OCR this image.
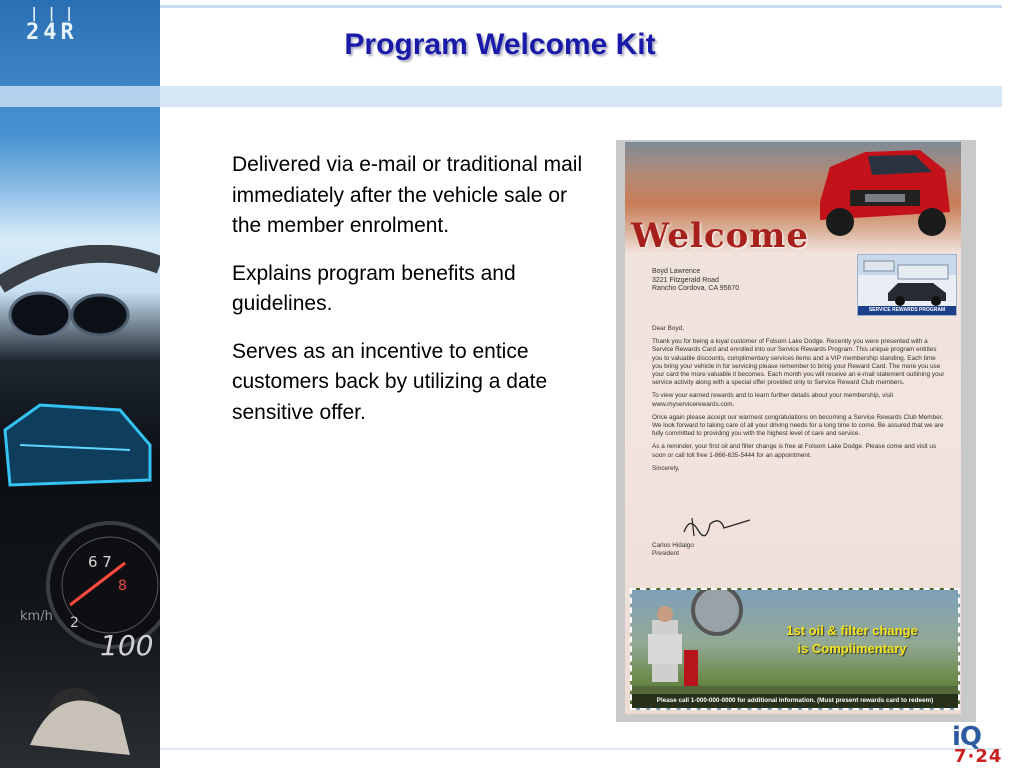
|||
24R
6 7
8
2
100
km/h
Program Welcome Kit

Delivered via e-mail or traditional mail immediately after the vehicle sale or the member enrolment.

Explains program benefits and guidelines.

Serves as an incentive to entice customers back by utilizing a date sensitive offer.

Welcome
Boyd Lawrence
3221 Fitzgerald Road
Rancho Cordova, CA 95670
SERVICE REWARDS PROGRAM

Dear Boyd,

Thank you for being a loyal customer of Folsom Lake Dodge. Recently you were presented with a Service Rewards Card and enrolled into our Service Rewards Program. This unique program entitles you to valuable discounts, complimentary services items and a VIP membership standing. Each time you bring your vehicle in for servicing please remember to bring your Reward Card. The more you use your card the more valuable it becomes. Each month you will receive an e-mail statement outlining your service activity along with a special offer provided only to Service Reward Club members.

To view your earned rewards and to learn further details about your membership, visit www.myservicerewards.com.

Once again please accept our warmest congratulations on becoming a Service Rewards Club Member. We look forward to taking care of all your driving needs for a long time to come. Be assured that we are fully committed to providing you with the highest level of care and service.

As a reminder, your first oil and filter change is free at Folsom Lake Dodge. Please come and visit us soon or call toll free 1-866-635-5444 for an appointment.

Sincerely,

Carlos Hidalgo
President
1st oil & filter change
is Complimentary
Please call 1-000-000-0000 for additional information. (Must present rewards card to redeem)
iQ
7·24
